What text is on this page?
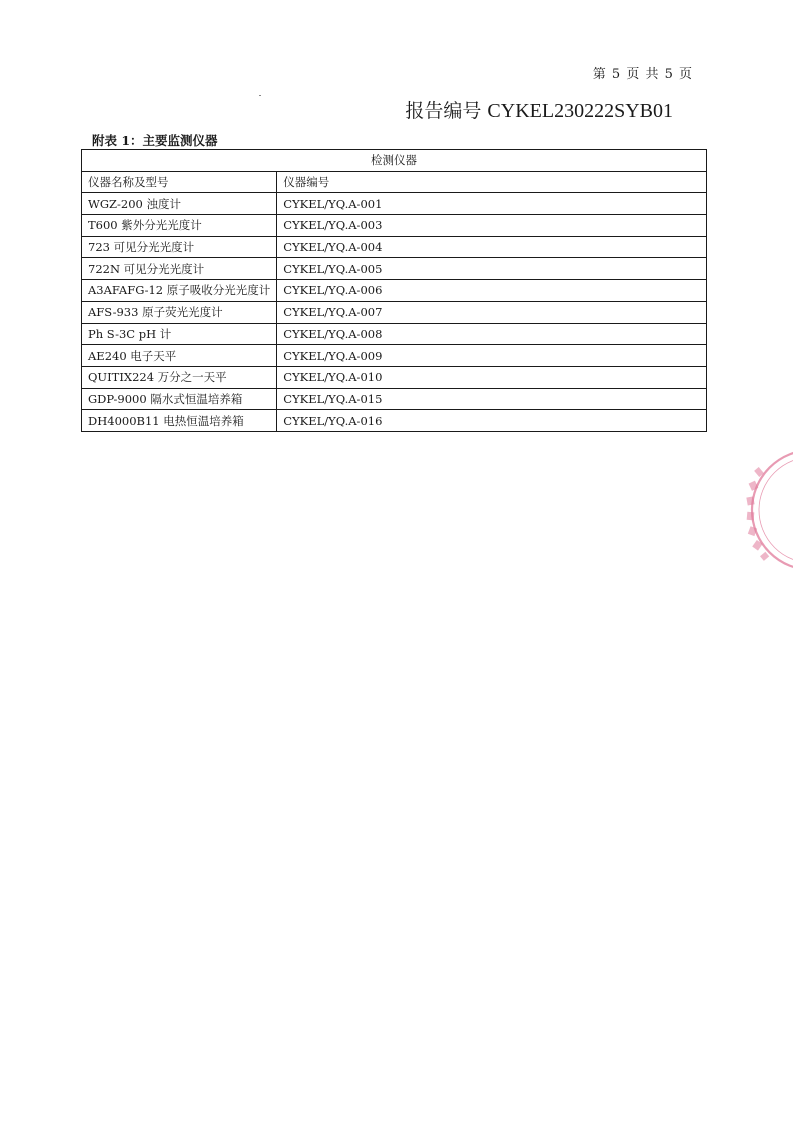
第 5 页 共 5 页
报告编号 CYKEL230222SYB01
附表 1：主要监测仪器
检测仪器	
仪器名称及型号	仪器编号
WGZ-200 浊度计	CYKEL/YQ.A-001
T600 紫外分光光度计	CYKEL/YQ.A-003
723 可见分光光度计	CYKEL/YQ.A-004
722N 可见分光光度计	CYKEL/YQ.A-005
A3AFAFG-12 原子吸收分光光度计	CYKEL/YQ.A-006
AFS-933 原子荧光光度计	CYKEL/YQ.A-007
Ph S-3C pH 计	CYKEL/YQ.A-008
AE240 电子天平	CYKEL/YQ.A-009
QUITIX224 万分之一天平	CYKEL/YQ.A-010
GDP-9000 隔水式恒温培养箱	CYKEL/YQ.A-015
DH4000B11 电热恒温培养箱	CYKEL/YQ.A-016
